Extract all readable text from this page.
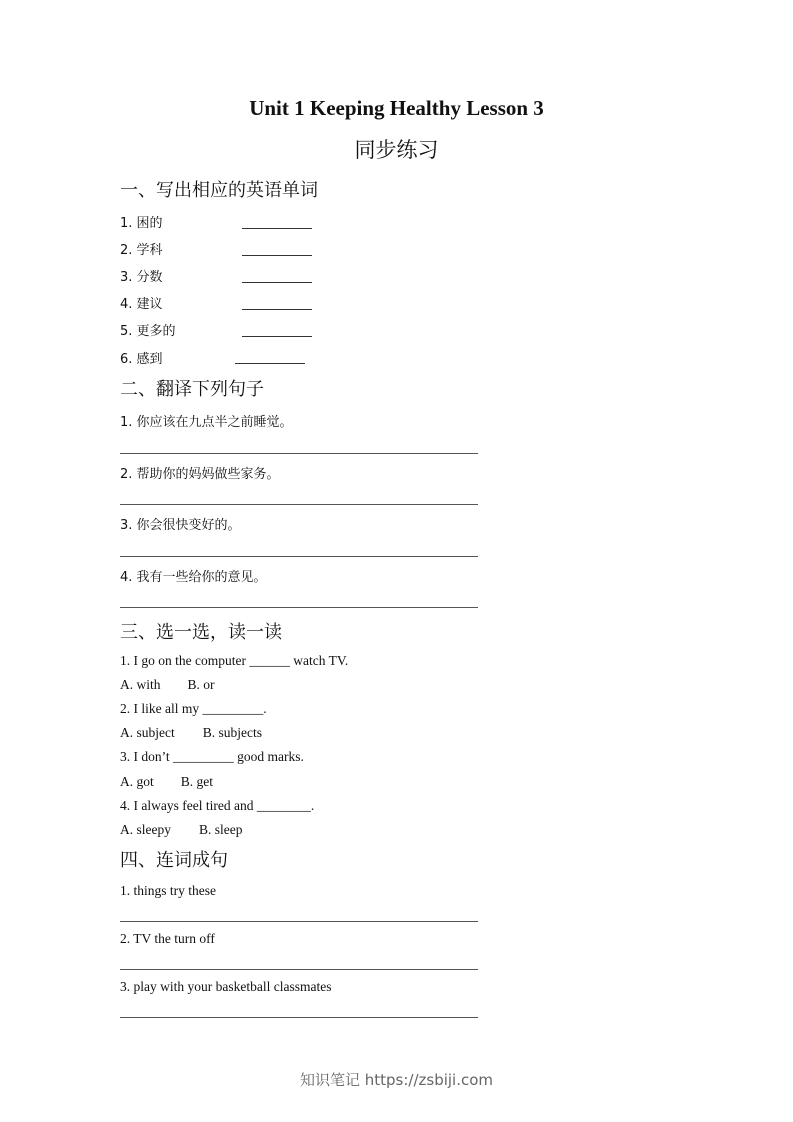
Unit 1 Keeping Healthy Lesson 3
同步练习
一、写出相应的英语单词
1. 困的
2. 学科
3. 分数
4. 建议
5. 更多的
6. 感到
二、翻译下列句子
1. 你应该在九点半之前睡觉。
2. 帮助你的妈妈做些家务。
3. 你会很快变好的。
4. 我有一些给你的意见。
三、选一选，读一读
1. I go on the computer ______ watch TV.
A. with B. or
2. I like all my _________.
A. subject B. subjects
3. I don’t _________ good marks.
A. got B. get
4. I always feel tired and ________.
A. sleepy B. sleep
四、连词成句
1. things try these
2. TV the turn off
3. play with your basketball classmates
知识笔记 https://zsbiji.com
